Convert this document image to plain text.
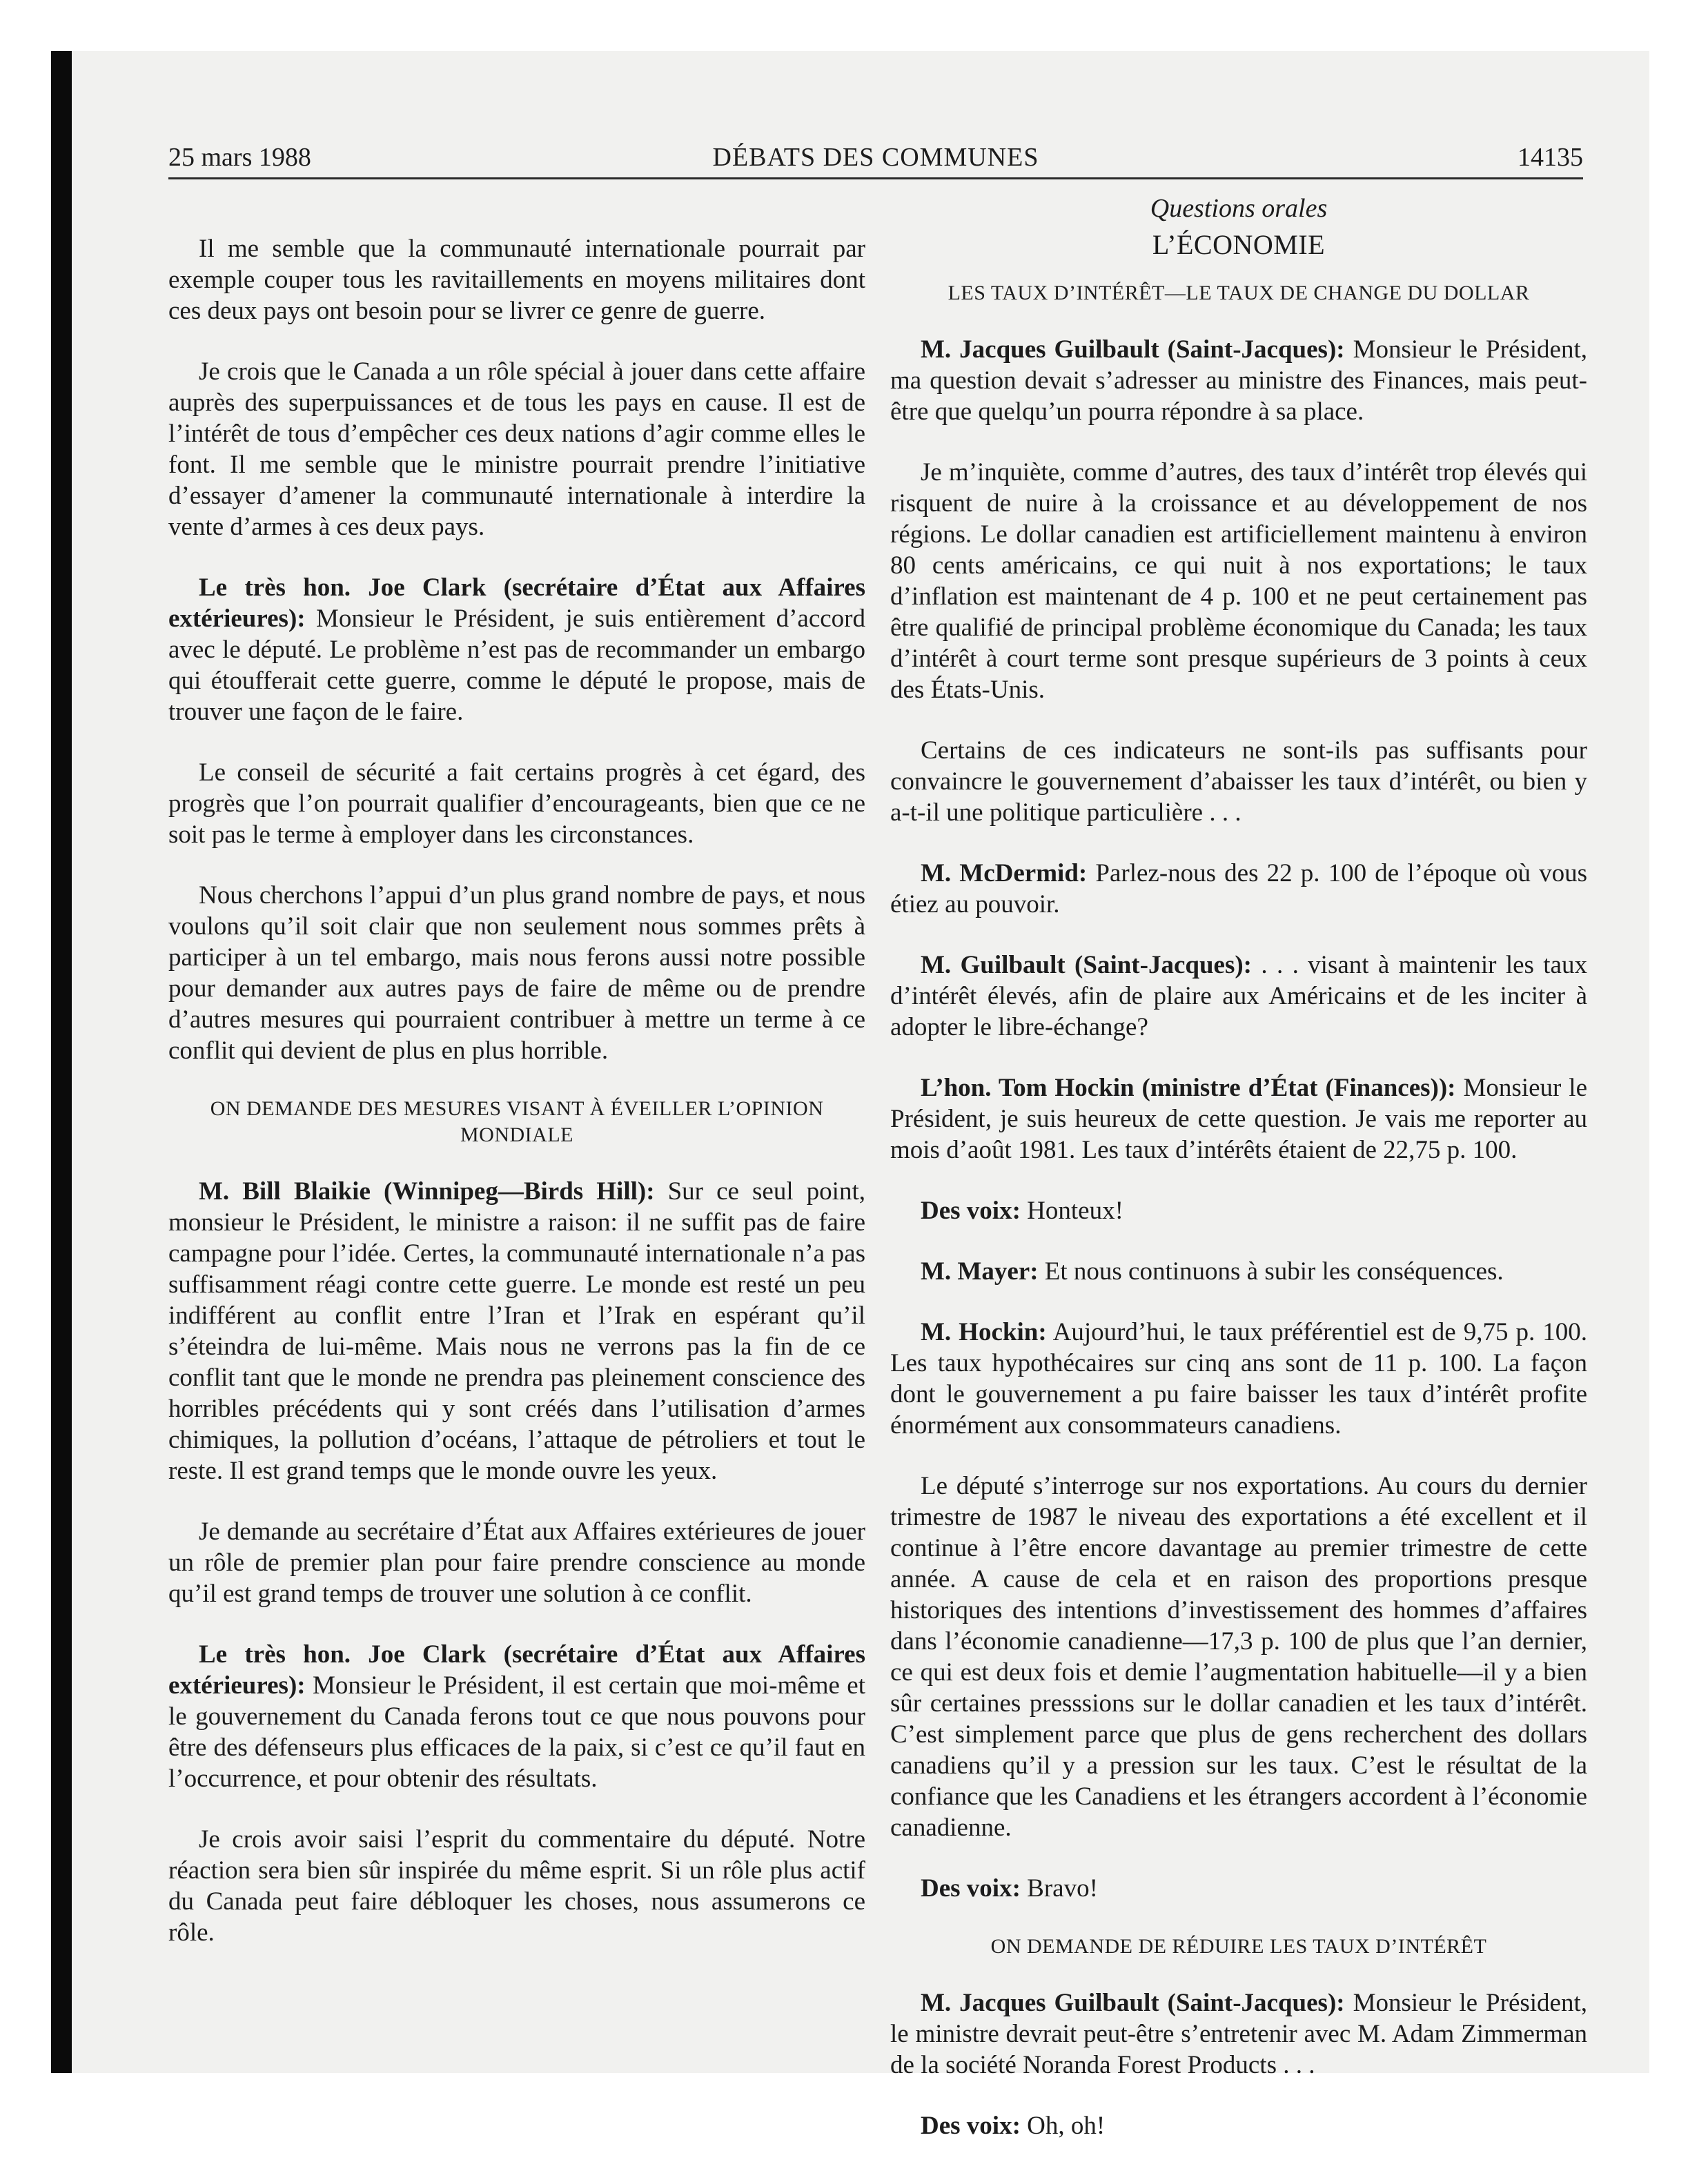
25 mars 1988	DÉBATS DES COMMUNES	14135

Il me semble que la communauté internationale pourrait par exemple couper tous les ravitaillements en moyens militaires dont ces deux pays ont besoin pour se livrer ce genre de guerre.

Je crois que le Canada a un rôle spécial à jouer dans cette affaire auprès des superpuissances et de tous les pays en cause. Il est de l’intérêt de tous d’empêcher ces deux nations d’agir comme elles le font. Il me semble que le ministre pourrait prendre l’initiative d’essayer d’amener la communauté internationale à interdire la vente d’armes à ces deux pays.

Le très hon. Joe Clark (secrétaire d’État aux Affaires extérieures): Monsieur le Président, je suis entièrement d’accord avec le député. Le problème n’est pas de recommander un embargo qui étoufferait cette guerre, comme le député le propose, mais de trouver une façon de le faire.

Le conseil de sécurité a fait certains progrès à cet égard, des progrès que l’on pourrait qualifier d’encourageants, bien que ce ne soit pas le terme à employer dans les circonstances.

Nous cherchons l’appui d’un plus grand nombre de pays, et nous voulons qu’il soit clair que non seulement nous sommes prêts à participer à un tel embargo, mais nous ferons aussi notre possible pour demander aux autres pays de faire de même ou de prendre d’autres mesures qui pourraient contribuer à mettre un terme à ce conflit qui devient de plus en plus horrible.

ON DEMANDE DES MESURES VISANT À ÉVEILLER L’OPINION MONDIALE

M. Bill Blaikie (Winnipeg—Birds Hill): Sur ce seul point, monsieur le Président, le ministre a raison: il ne suffit pas de faire campagne pour l’idée. Certes, la communauté internationale n’a pas suffisamment réagi contre cette guerre. Le monde est resté un peu indifférent au conflit entre l’Iran et l’Irak en espérant qu’il s’éteindra de lui-même. Mais nous ne verrons pas la fin de ce conflit tant que le monde ne prendra pas pleinement conscience des horribles précédents qui y sont créés dans l’utilisation d’armes chimiques, la pollution d’océans, l’attaque de pétroliers et tout le reste. Il est grand temps que le monde ouvre les yeux.

Je demande au secrétaire d’État aux Affaires extérieures de jouer un rôle de premier plan pour faire prendre conscience au monde qu’il est grand temps de trouver une solution à ce conflit.

Le très hon. Joe Clark (secrétaire d’État aux Affaires extérieures): Monsieur le Président, il est certain que moi-même et le gouvernement du Canada ferons tout ce que nous pouvons pour être des défenseurs plus efficaces de la paix, si c’est ce qu’il faut en l’occurrence, et pour obtenir des résultats.

Je crois avoir saisi l’esprit du commentaire du député. Notre réaction sera bien sûr inspirée du même esprit. Si un rôle plus actif du Canada peut faire débloquer les choses, nous assumerons ce rôle.

Questions orales

L’ÉCONOMIE

LES TAUX D’INTÉRÊT—LE TAUX DE CHANGE DU DOLLAR

M. Jacques Guilbault (Saint-Jacques): Monsieur le Président, ma question devait s’adresser au ministre des Finances, mais peut-être que quelqu’un pourra répondre à sa place.

Je m’inquiète, comme d’autres, des taux d’intérêt trop élevés qui risquent de nuire à la croissance et au développement de nos régions. Le dollar canadien est artificiellement maintenu à environ 80 cents américains, ce qui nuit à nos exportations; le taux d’inflation est maintenant de 4 p. 100 et ne peut certainement pas être qualifié de principal problème économique du Canada; les taux d’intérêt à court terme sont presque supérieurs de 3 points à ceux des États-Unis.

Certains de ces indicateurs ne sont-ils pas suffisants pour convaincre le gouvernement d’abaisser les taux d’intérêt, ou bien y a-t-il une politique particulière . . .

M. McDermid: Parlez-nous des 22 p. 100 de l’époque où vous étiez au pouvoir.

M. Guilbault (Saint-Jacques): . . . visant à maintenir les taux d’intérêt élevés, afin de plaire aux Américains et de les inciter à adopter le libre-échange?

L’hon. Tom Hockin (ministre d’État (Finances)): Monsieur le Président, je suis heureux de cette question. Je vais me reporter au mois d’août 1981. Les taux d’intérêts étaient de 22,75 p. 100.

Des voix: Honteux!

M. Mayer: Et nous continuons à subir les conséquences.

M. Hockin: Aujourd’hui, le taux préférentiel est de 9,75 p. 100. Les taux hypothécaires sur cinq ans sont de 11 p. 100. La façon dont le gouvernement a pu faire baisser les taux d’intérêt profite énormément aux consommateurs canadiens.

Le député s’interroge sur nos exportations. Au cours du dernier trimestre de 1987 le niveau des exportations a été excellent et il continue à l’être encore davantage au premier trimestre de cette année. A cause de cela et en raison des proportions presque historiques des intentions d’investissement des hommes d’affaires dans l’économie canadienne—17,3 p. 100 de plus que l’an dernier, ce qui est deux fois et demie l’augmentation habituelle—il y a bien sûr certaines presssions sur le dollar canadien et les taux d’intérêt. C’est simplement parce que plus de gens recherchent des dollars canadiens qu’il y a pression sur les taux. C’est le résultat de la confiance que les Canadiens et les étrangers accordent à l’économie canadienne.

Des voix: Bravo!

ON DEMANDE DE RÉDUIRE LES TAUX D’INTÉRÊT

M. Jacques Guilbault (Saint-Jacques): Monsieur le Président, le ministre devrait peut-être s’entretenir avec M. Adam Zimmerman de la société Noranda Forest Products . . .

Des voix: Oh, oh!
